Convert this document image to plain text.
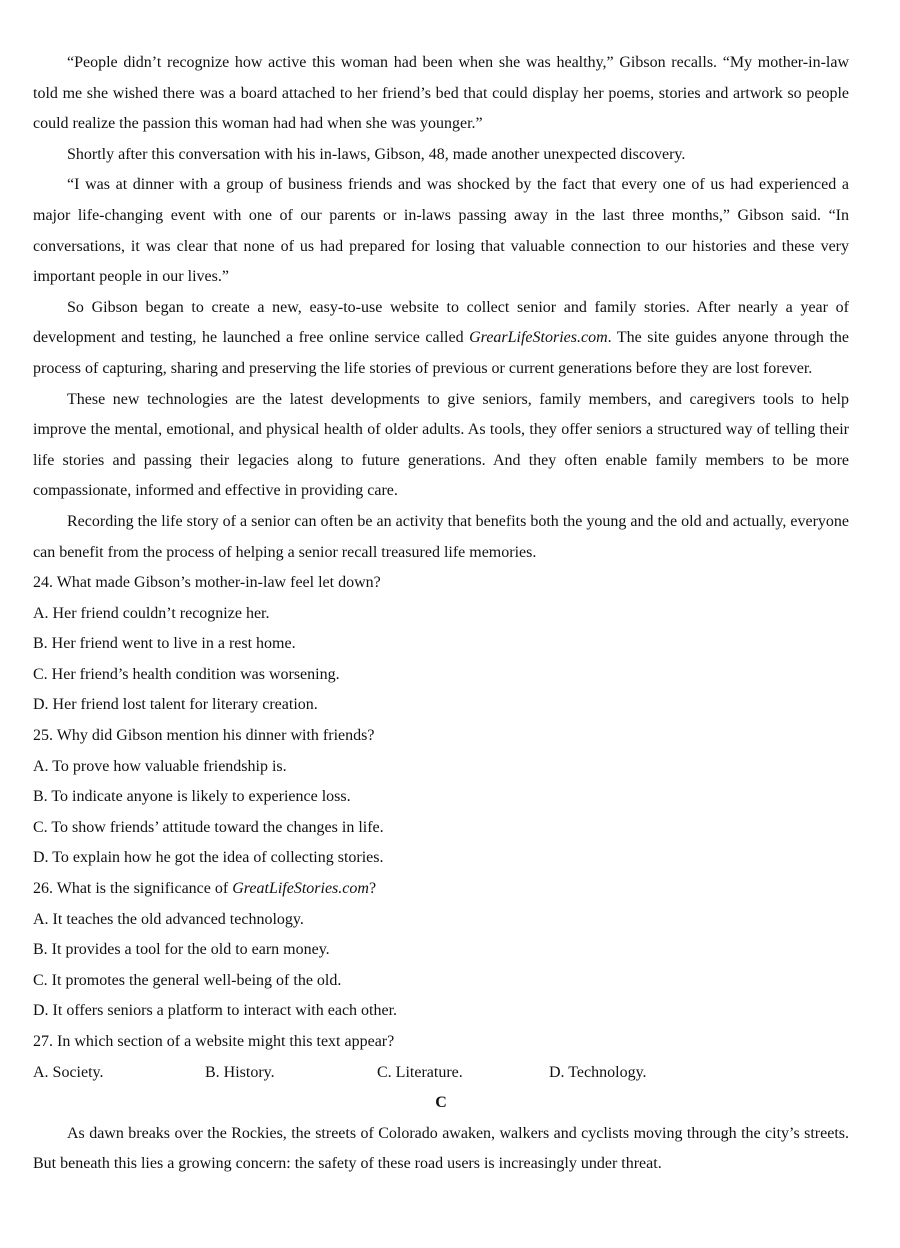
“People didn’t recognize how active this woman had been when she was healthy,” Gibson recalls. “My mother-in-law told me she wished there was a board attached to her friend’s bed that could display her poems, stories and artwork so people could realize the passion this woman had had when she was younger.”

Shortly after this conversation with his in-laws, Gibson, 48, made another unexpected discovery.

“I was at dinner with a group of business friends and was shocked by the fact that every one of us had experienced a major life-changing event with one of our parents or in-laws passing away in the last three months,” Gibson said. “In conversations, it was clear that none of us had prepared for losing that valuable connection to our histories and these very important people in our lives.”

So Gibson began to create a new, easy-to-use website to collect senior and family stories. After nearly a year of development and testing, he launched a free online service called GrearLifeStories.com. The site guides anyone through the process of capturing, sharing and preserving the life stories of previous or current generations before they are lost forever.

These new technologies are the latest developments to give seniors, family members, and caregivers tools to help improve the mental, emotional, and physical health of older adults. As tools, they offer seniors a structured way of telling their life stories and passing their legacies along to future generations. And they often enable family members to be more compassionate, informed and effective in providing care.

Recording the life story of a senior can often be an activity that benefits both the young and the old and actually, everyone can benefit from the process of helping a senior recall treasured life memories.

24. What made Gibson’s mother-in-law feel let down?

A. Her friend couldn’t recognize her.

B. Her friend went to live in a rest home.

C. Her friend’s health condition was worsening.

D. Her friend lost talent for literary creation.

25. Why did Gibson mention his dinner with friends?

A. To prove how valuable friendship is.

B. To indicate anyone is likely to experience loss.

C. To show friends’ attitude toward the changes in life.

D. To explain how he got the idea of collecting stories.

26. What is the significance of GreatLifeStories.com?

A. It teaches the old advanced technology.

B. It provides a tool for the old to earn money.

C. It promotes the general well-being of the old.

D. It offers seniors a platform to interact with each other.

27. In which section of a website might this text appear?

A. Society.	B. History.	C. Literature.	D. Technology.

C

As dawn breaks over the Rockies, the streets of Colorado awaken, walkers and cyclists moving through the city’s streets. But beneath this lies a growing concern: the safety of these road users is increasingly under threat.
